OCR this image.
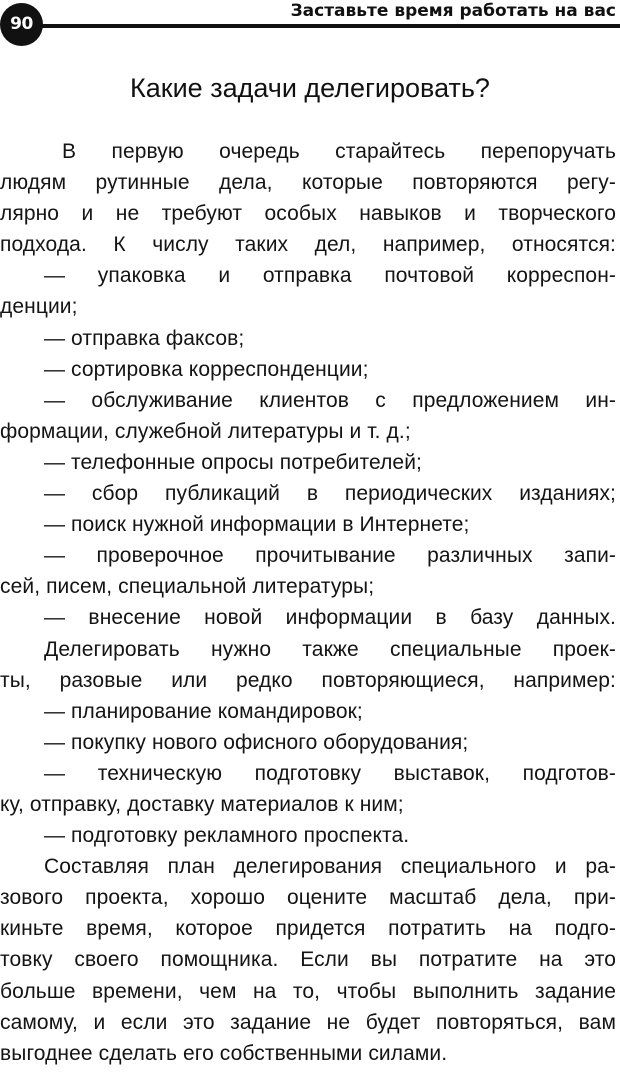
90
Заставьте время работать на вас
Какие задачи делегировать?
В первую очередь старайтесь перепоручать
людям рутинные дела, которые повторяются регу-
лярно и не требуют особых навыков и творческого
подхода. К числу таких дел, например, относятся:
— упаковка и отправка почтовой корреспон-
денции;
— отправка факсов;
— сортировка корреспонденции;
— обслуживание клиентов с предложением ин-
формации, служебной литературы и т. д.;
— телефонные опросы потребителей;
— сбор публикаций в периодических изданиях;
— поиск нужной информации в Интернете;
— проверочное прочитывание различных запи-
сей, писем, специальной литературы;
— внесение новой информации в базу данных.
Делегировать нужно также специальные проек-
ты, разовые или редко повторяющиеся, например:
— планирование командировок;
— покупку нового офисного оборудования;
— техническую подготовку выставок, подготов-
ку, отправку, доставку материалов к ним;
— подготовку рекламного проспекта.
Составляя план делегирования специального и ра-
зового проекта, хорошо оцените масштаб дела, при-
киньте время, которое придется потратить на подго-
товку своего помощника. Если вы потратите на это
больше времени, чем на то, чтобы выполнить задание
самому, и если это задание не будет повторяться, вам
выгоднее сделать его собственными силами.
